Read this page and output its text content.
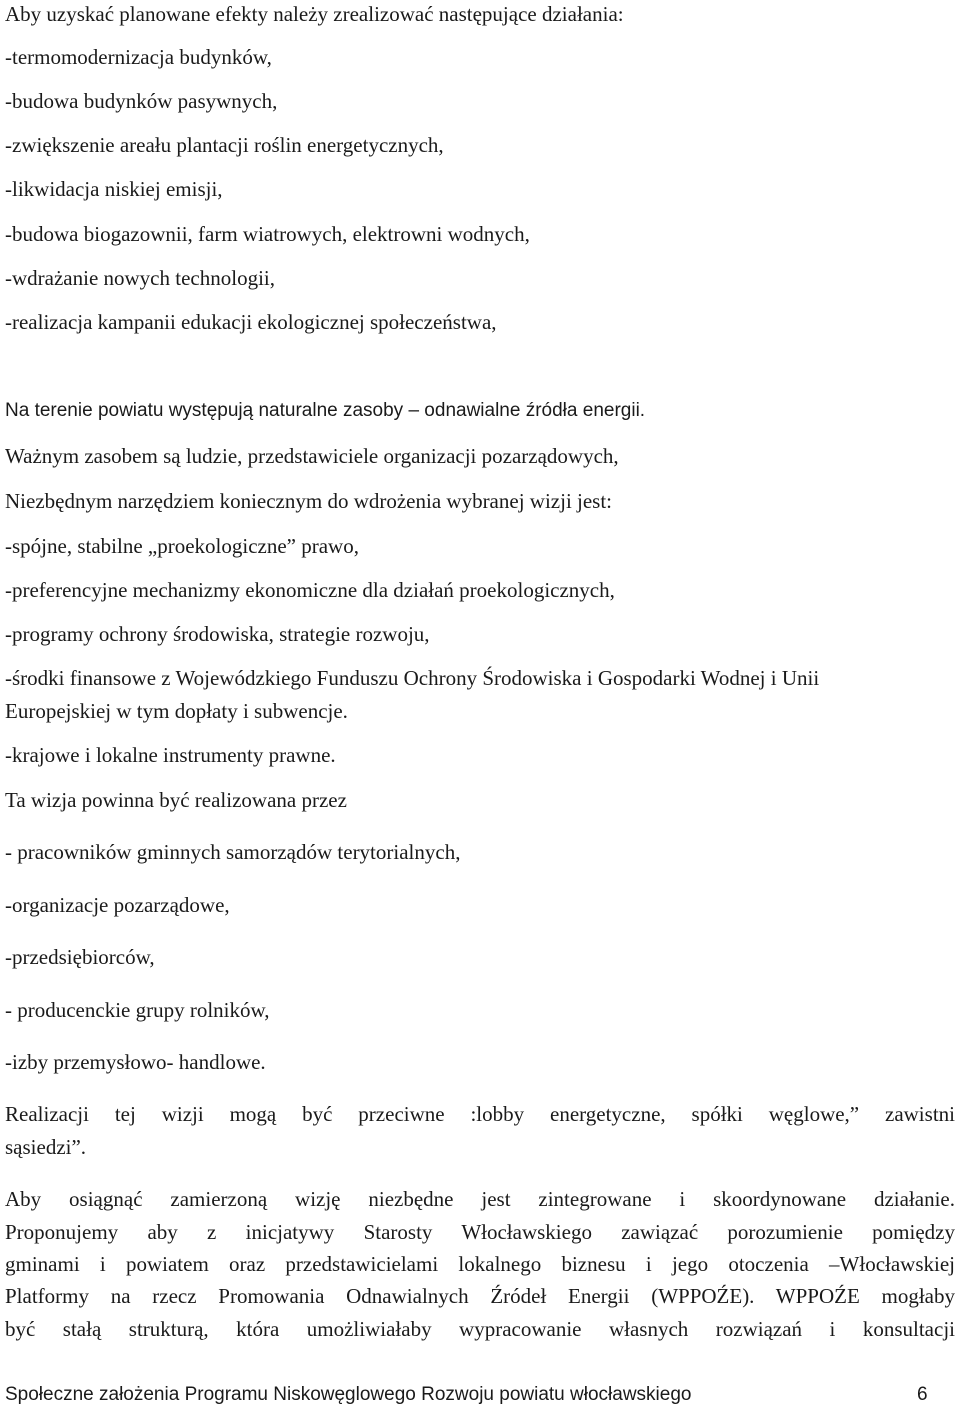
Aby uzyskać planowane efekty należy zrealizować następujące działania:
-termomodernizacja budynków,
-budowa budynków pasywnych,
-zwiększenie areału plantacji roślin energetycznych,
-likwidacja niskiej emisji,
-budowa biogazownii, farm wiatrowych, elektrowni wodnych,
-wdrażanie nowych technologii,
-realizacja kampanii edukacji ekologicznej społeczeństwa,
Na terenie powiatu występują naturalne zasoby – odnawialne źródła energii.
Ważnym zasobem są ludzie, przedstawiciele organizacji pozarządowych,
Niezbędnym narzędziem koniecznym do wdrożenia wybranej wizji jest:
-spójne, stabilne „proekologiczne” prawo,
-preferencyjne mechanizmy ekonomiczne dla działań proekologicznych,
-programy ochrony środowiska, strategie rozwoju,
-środki finansowe z Wojewódzkiego Funduszu Ochrony Środowiska i Gospodarki Wodnej i Unii
Europejskiej w tym dopłaty i subwencje.
-krajowe i lokalne instrumenty prawne.
Ta wizja powinna być realizowana przez
- pracowników gminnych samorządów terytorialnych,
-organizacje pozarządowe,
-przedsiębiorców,
- producenckie grupy rolników,
-izby przemysłowo- handlowe.
Realizacji tej wizji mogą być przeciwne :lobby energetyczne, spółki węglowe,” zawistni
sąsiedzi”.
Aby osiągnąć zamierzoną wizję niezbędne jest zintegrowane i skoordynowane działanie.
Proponujemy aby z inicjatywy Starosty Włocławskiego zawiązać porozumienie pomiędzy
gminami i powiatem oraz przedstawicielami lokalnego biznesu i jego otoczenia –Włocławskiej
Platformy na rzecz Promowania Odnawialnych Źródeł Energii (WPPOŹE). WPPOŹE mogłaby
być stałą strukturą, która umożliwiałaby wypracowanie własnych rozwiązań i konsultacji
Społeczne założenia Programu Niskowęglowego Rozwoju powiatu włocławskiego	6
